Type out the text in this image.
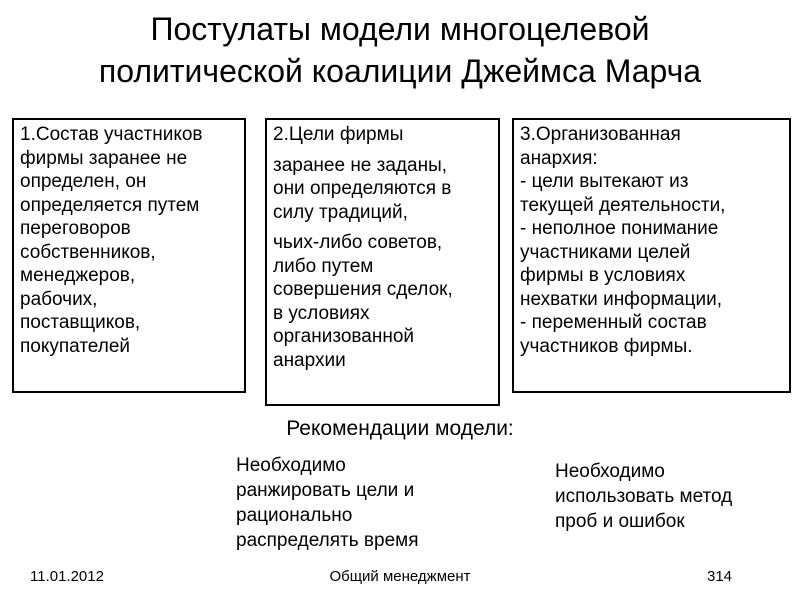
Постулаты модели многоцелевой
политической коалиции Джеймса Марча
1.Состав участников
фирмы заранее не
определен, он
определяется путем
переговоров
собственников,
менеджеров,
рабочих,
поставщиков,
покупателей
2.Цели фирмы
заранее не заданы,
они определяются в
силу традиций,
чьих-либо советов,
либо путем
совершения сделок,
в условиях
организованной
анархии
3.Организованная
анархия:
- цели вытекают из
текущей деятельности,
- неполное понимание
участниками целей
фирмы в условиях
нехватки информации,
- переменный состав
участников фирмы.
Рекомендации модели:
Необходимо
ранжировать цели и
рационально
распределять время
Необходимо
использовать метод
проб и ошибок
11.01.2012	Общий менеджмент	314
